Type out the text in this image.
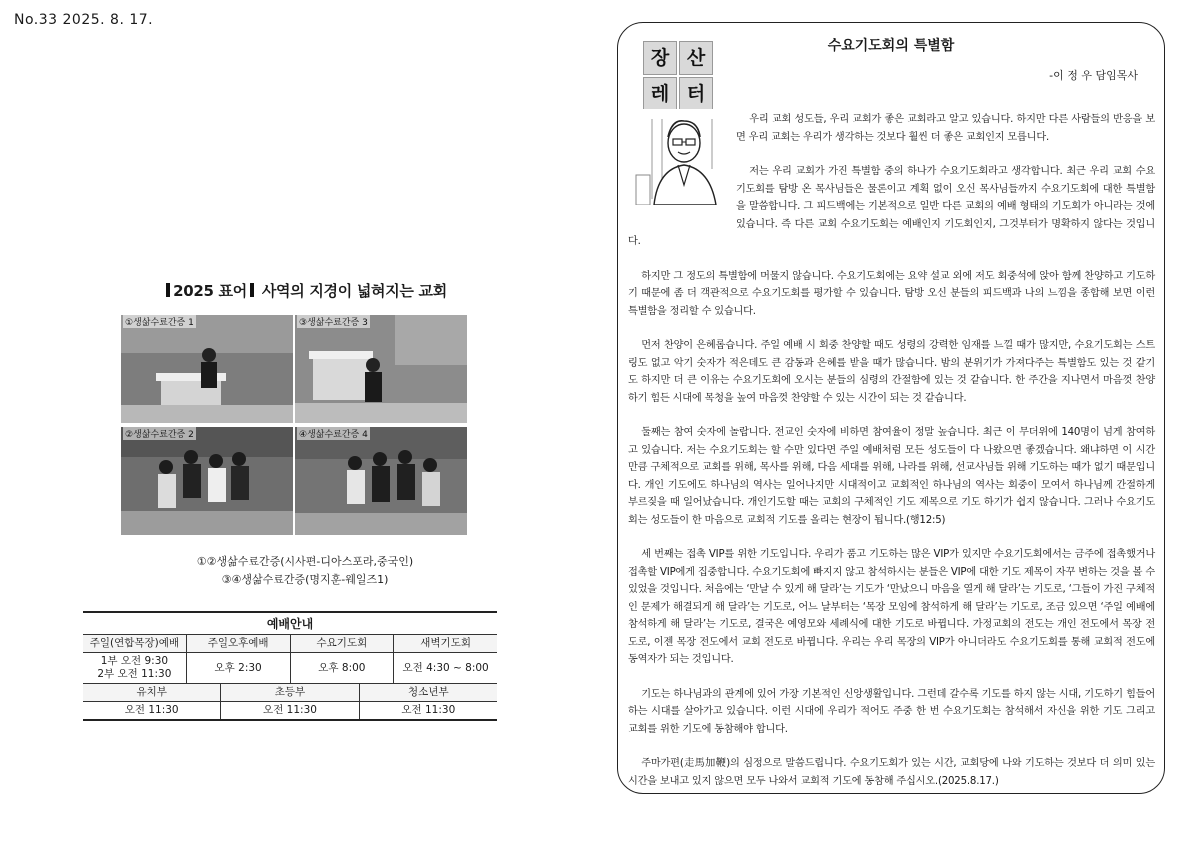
No.33 2025. 8. 17.
2025 표어 사역의 지경이 넓혀지는 교회
①생삶수료간증 1	③생삶수료간증 3
②생삶수료간증 2	④생삶수료간증 4
①②생삶수료간증(시사편-디아스포라,중국인)
③④생삶수료간증(명지훈-웨일즈1)
예배안내
주일(연합목장)예배	주일오후예배	수요기도회	새벽기도회
1부 오전 9:30
2부 오전 11:30
오후 2:30	오후 8:00	오전 4:30 ~ 8:00
유치부	초등부	청소년부
오전 11:30	오전 11:30	오전 11:30
장 산
레 터
수요기도회의 특별함
-이 정 우 담임목사

우리 교회 성도들, 우리 교회가 좋은 교회라고 알고 있습니다. 하지만 다른 사람들의 반응을 보면 우리 교회는 우리가 생각하는 것보다 훨씬 더 좋은 교회인지 모릅니다.

저는 우리 교회가 가진 특별함 중의 하나가 수요기도회라고 생각합니다. 최근 우리 교회 수요기도회를 탐방 온 목사님들은 물론이고 계획 없이 오신 목사님들까지 수요기도회에 대한 특별함을 말씀합니다. 그 피드백에는 기본적으로 일반 다른 교회의 예배 형태의 기도회가 아니라는 것에 있습니다. 즉 다른 교회 수요기도회는 예배인지 기도회인지, 그것부터가 명확하지 않다는 것입니다.

하지만 그 정도의 특별함에 머물지 않습니다. 수요기도회에는 요약 설교 외에 저도 회중석에 앉아 함께 찬양하고 기도하기 때문에 좀 더 객관적으로 수요기도회를 평가할 수 있습니다. 탐방 오신 분들의 피드백과 나의 느낌을 종합해 보면 이런 특별함을 정리할 수 있습니다.

먼저 찬양이 은혜롭습니다. 주일 예배 시 회중 찬양할 때도 성령의 강력한 임재를 느낄 때가 많지만, 수요기도회는 스트링도 없고 악기 숫자가 적은데도 큰 감동과 은혜를 받을 때가 많습니다. 밤의 분위기가 가져다주는 특별함도 있는 것 같기도 하지만 더 큰 이유는 수요기도회에 오시는 분들의 심령의 간절함에 있는 것 같습니다. 한 주간을 지나면서 마음껏 찬양하기 힘든 시대에 목청을 높여 마음껏 찬양할 수 있는 시간이 되는 것 같습니다.

둘째는 참여 숫자에 놀랍니다. 전교인 숫자에 비하면 참여율이 정말 높습니다. 최근 이 무더위에 140명이 넘게 참여하고 있습니다. 저는 수요기도회는 할 수만 있다면 주일 예배처럼 모든 성도들이 다 나왔으면 좋겠습니다. 왜냐하면 이 시간만큼 구체적으로 교회를 위해, 목사를 위해, 다음 세대를 위해, 나라를 위해, 선교사님들 위해 기도하는 때가 없기 때문입니다. 개인 기도에도 하나님의 역사는 일어나지만 시대적이고 교회적인 하나님의 역사는 회중이 모여서 하나님께 간절하게 부르짖을 때 일어났습니다. 개인기도할 때는 교회의 구체적인 기도 제목으로 기도 하기가 쉽지 않습니다. 그러나 수요기도회는 성도들이 한 마음으로 교회적 기도를 올리는 현장이 됩니다.(행12:5)

세 번째는 접촉 VIP를 위한 기도입니다. 우리가 품고 기도하는 많은 VIP가 있지만 수요기도회에서는 금주에 접촉했거나 접촉할 VIP에게 집중합니다. 수요기도회에 빠지지 않고 참석하시는 분들은 VIP에 대한 기도 제목이 자꾸 변하는 것을 볼 수 있었을 것입니다. 처음에는 ‘만날 수 있게 해 달라’는 기도가 ‘만났으니 마음을 열게 해 달라’는 기도로, ‘그들이 가진 구체적인 문제가 해결되게 해 달라’는 기도로, 어느 날부터는 ‘목장 모임에 참석하게 해 달라’는 기도로, 조금 있으면 ‘주일 예배에 참석하게 해 달라’는 기도로, 결국은 예영모와 세례식에 대한 기도로 바뀝니다. 가정교회의 전도는 개인 전도에서 목장 전도로, 이젠 목장 전도에서 교회 전도로 바뀝니다. 우리는 우리 목장의 VIP가 아니더라도 수요기도회를 통해 교회적 전도에 동역자가 되는 것입니다.

기도는 하나님과의 관계에 있어 가장 기본적인 신앙생활입니다. 그런데 갈수록 기도를 하지 않는 시대, 기도하기 힘들어 하는 시대를 살아가고 있습니다. 이런 시대에 우리가 적어도 주중 한 번 수요기도회는 참석해서 자신을 위한 기도 그리고 교회를 위한 기도에 동참해야 합니다.

주마가편(走馬加鞭)의 심정으로 말씀드립니다. 수요기도회가 있는 시간, 교회당에 나와 기도하는 것보다 더 의미 있는 시간을 보내고 있지 않으면 모두 나와서 교회적 기도에 동참해 주십시오.(2025.8.17.)
